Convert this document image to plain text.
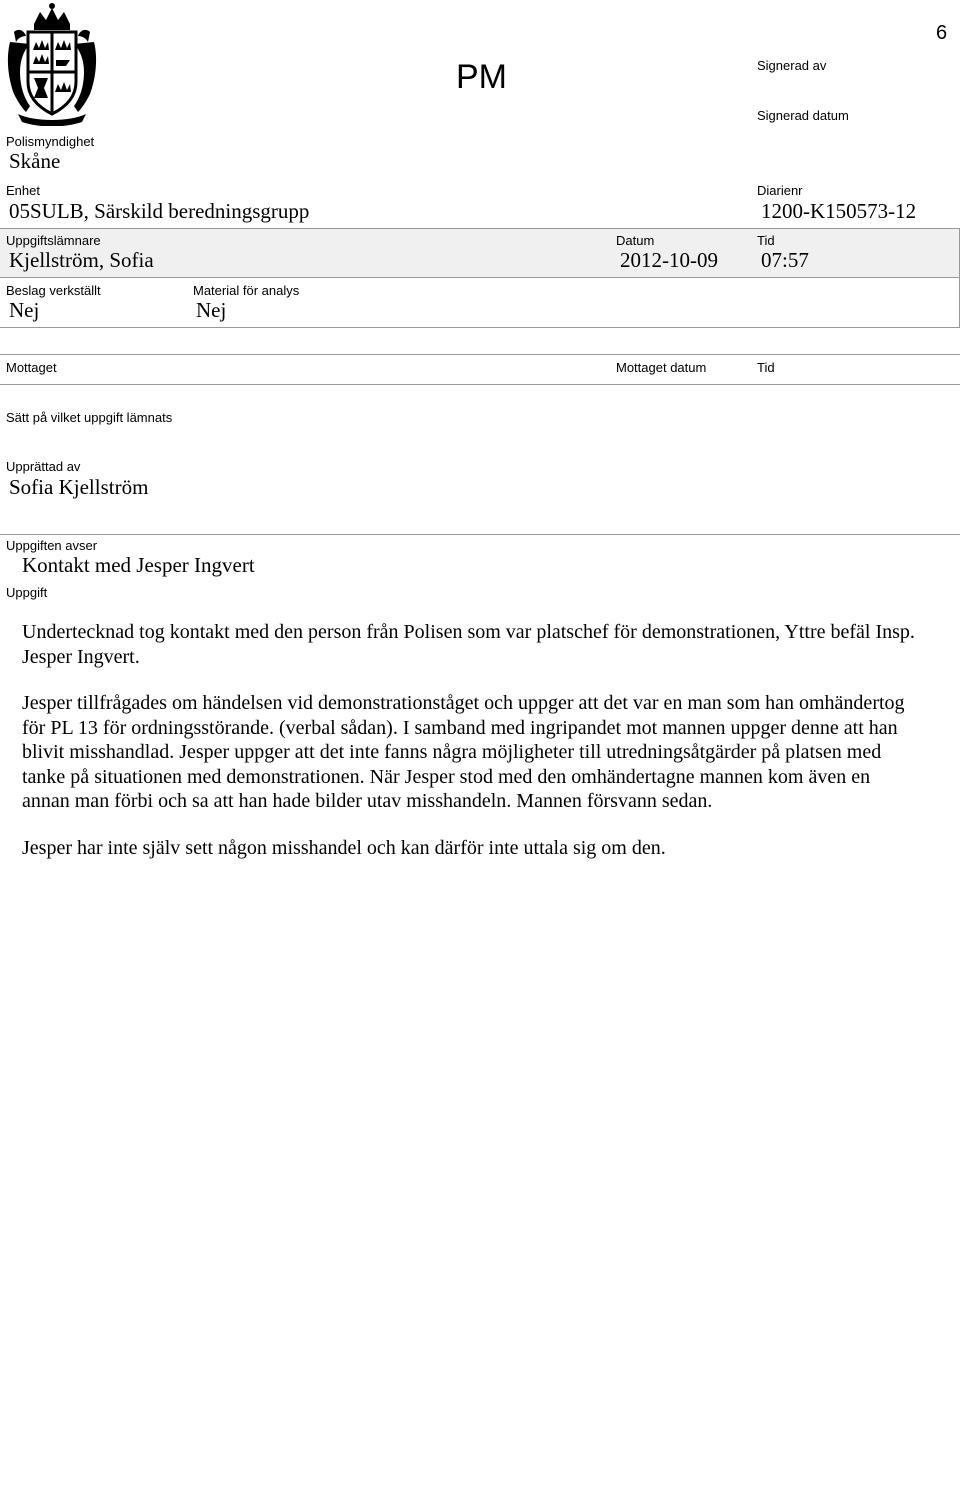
6
PM	Signerad av
Signerad datum
Polismyndighet
Skåne
Enhet
05SULB, Särskild beredningsgrupp
Diarienr
1200-K150573-12
Uppgiftslämnare
Kjellström, Sofia
Datum
2012-10-09
Tid
07:57
Beslag verkställt
Nej
Material för analys
Nej
Mottaget	Mottaget datum	Tid
Sätt på vilket uppgift lämnats
Upprättad av
Sofia Kjellström
Uppgiften avser
Kontakt med Jesper Ingvert
Uppgift

Undertecknad tog kontakt med den person från Polisen som var platschef för demonstrationen, Yttre befäl Insp. Jesper Ingvert.

Jesper tillfrågades om händelsen vid demonstrationståget och uppger att det var en man som han omhändertog för PL 13 för ordningsstörande. (verbal sådan). I samband med ingripandet mot mannen uppger denne att han blivit misshandlad. Jesper uppger att det inte fanns några möjligheter till utredningsåtgärder på platsen med tanke på situationen med demonstrationen. När Jesper stod med den omhändertagne mannen kom även en annan man förbi och sa att han hade bilder utav misshandeln. Mannen försvann sedan.

Jesper har inte själv sett någon misshandel och kan därför inte uttala sig om den.
